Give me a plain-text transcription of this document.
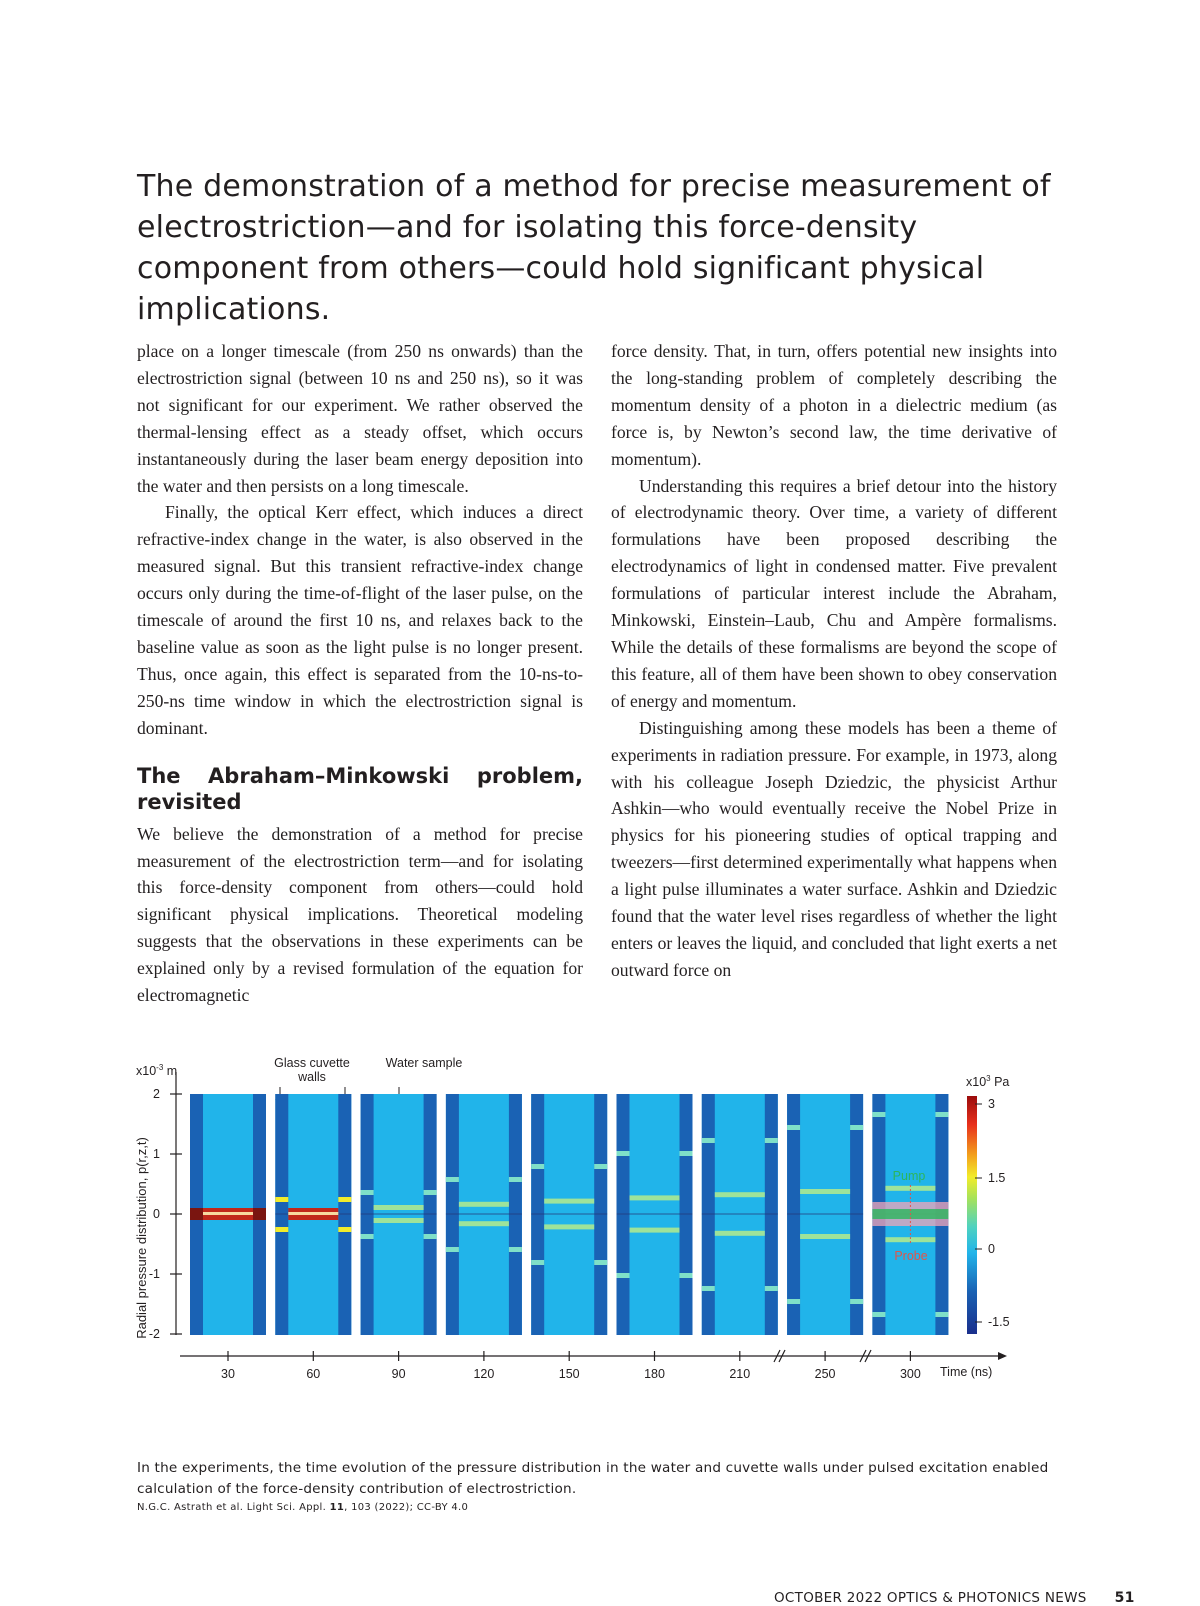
The demonstration of a method for precise measurement of electrostriction—and for isolating this force-density component from others—could hold significant physical implications.

place on a longer timescale (from 250 ns onwards) than the electrostriction signal (between 10 ns and 250 ns), so it was not significant for our experiment. We rather observed the thermal-lensing effect as a steady offset, which occurs instantaneously during the laser beam energy deposition into the water and then persists on a long timescale.

Finally, the optical Kerr effect, which induces a direct refractive-index change in the water, is also observed in the measured signal. But this transient refractive-index change occurs only during the time-of-flight of the laser pulse, on the timescale of around the first 10 ns, and relaxes back to the baseline value as soon as the light pulse is no longer present. Thus, once again, this effect is separated from the 10-ns-to-250-ns time window in which the electrostriction signal is dominant.

The Abraham–Minkowski problem, revisited

We believe the demonstration of a method for precise measurement of the electrostriction term—and for isolating this force-density component from others—could hold significant physical implications. Theoretical modeling suggests that the observations in these experiments can be explained only by a revised formulation of the equation for electromagnetic

force density. That, in turn, offers potential new insights into the long-standing problem of completely describing the momentum density of a photon in a dielectric medium (as force is, by Newton’s second law, the time derivative of momentum).

Understanding this requires a brief detour into the history of electrodynamic theory. Over time, a variety of different formulations have been proposed describing the electrodynamics of light in condensed matter. Five prevalent formulations of particular interest include the Abraham, Minkowski, Einstein–Laub, Chu and Ampère formalisms. While the details of these formalisms are beyond the scope of this feature, all of them have been shown to obey conservation of energy and momentum.

Distinguishing among these models has been a theme of experiments in radiation pressure. For example, in 1973, along with his colleague Joseph Dziedzic, the physicist Arthur Ashkin—who would eventually receive the Nobel Prize in physics for his pioneering studies of optical trapping and tweezers—first determined experimentally what happens when a light pulse illuminates a water surface. Ashkin and Dziedzic found that the water level rises regardless of whether the light enters or leaves the liquid, and concluded that light exerts a net outward force on

$x10^{-3}$ m
2
1
0
-1
-2
Radial pressure distribution, p(r,z,t)
Glass cuvette
walls
Water sample
30	60	90	120	150	180	210	250	300
Pump
Probe
$x10^3$ Pa
3
1.5
0
-1.5
Time (ns)

In the experiments, the time evolution of the pressure distribution in the water and cuvette walls under pulsed excitation enabled calculation of the force-density contribution of electrostriction.

N.G.C. Astrath et al. Light Sci. Appl. 11, 103 (2022); CC-BY 4.0

OCTOBER 2022 OPTICS & PHOTONICS NEWS 51
